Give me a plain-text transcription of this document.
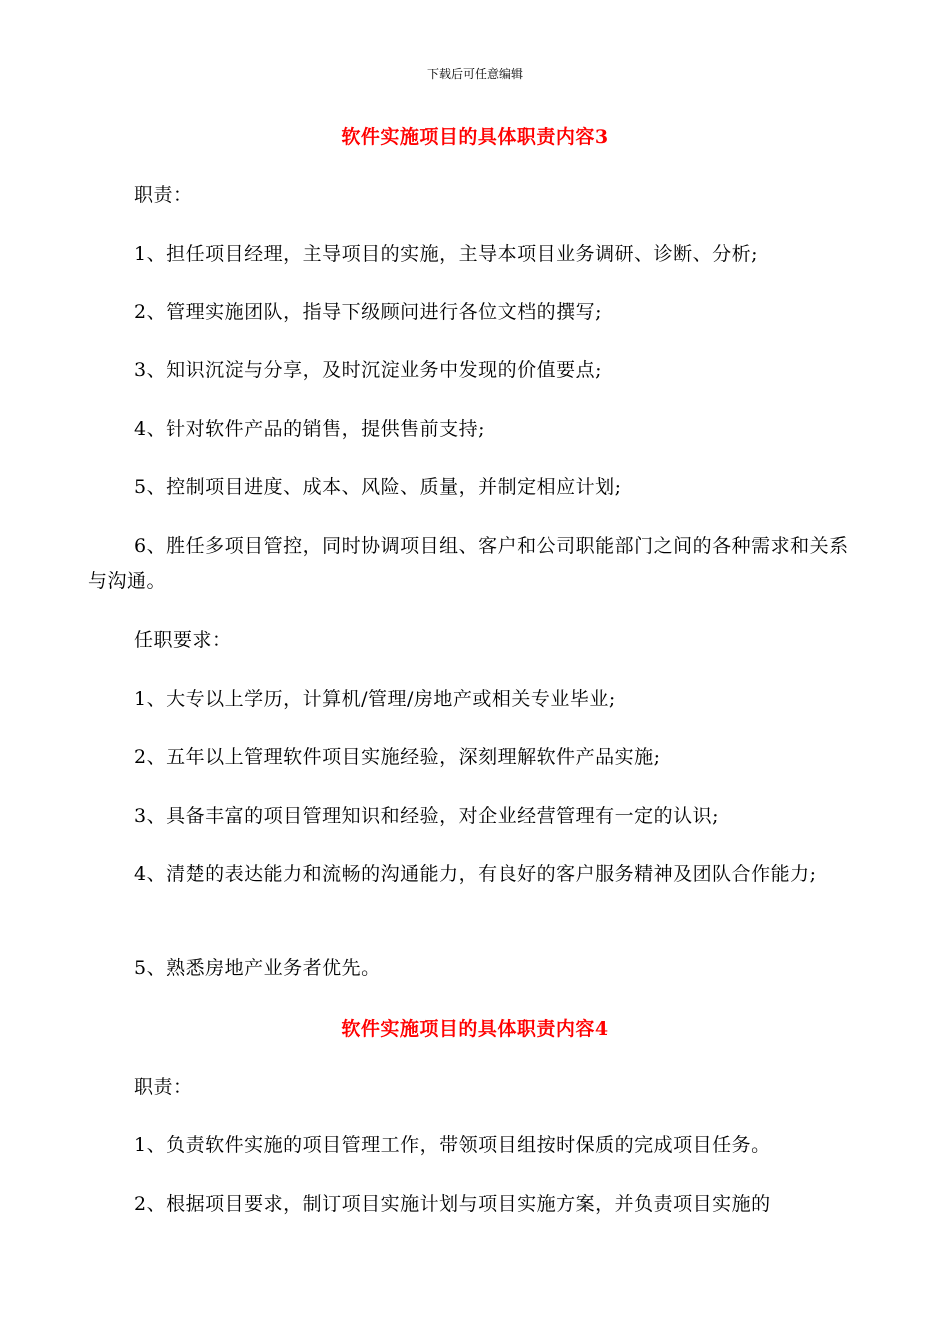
下载后可任意编辑
软件实施项目的具体职责内容3
职责：
1、担任项目经理，主导项目的实施，主导本项目业务调研、诊断、分析;
2、管理实施团队，指导下级顾问进行各位文档的撰写;
3、知识沉淀与分享，及时沉淀业务中发现的价值要点;
4、针对软件产品的销售，提供售前支持;
5、控制项目进度、成本、风险、质量，并制定相应计划;
6、胜任多项目管控，同时协调项目组、客户和公司职能部门之间的各种需求和关系与沟通。
任职要求：
1、大专以上学历，计算机/管理/房地产或相关专业毕业;
2、五年以上管理软件项目实施经验，深刻理解软件产品实施;
3、具备丰富的项目管理知识和经验，对企业经营管理有一定的认识;
4、清楚的表达能力和流畅的沟通能力，有良好的客户服务精神及团队合作能力;
5、熟悉房地产业务者优先。
软件实施项目的具体职责内容4
职责：
1、负责软件实施的项目管理工作，带领项目组按时保质的完成项目任务。
2、根据项目要求，制订项目实施计划与项目实施方案，并负责项目实施的
